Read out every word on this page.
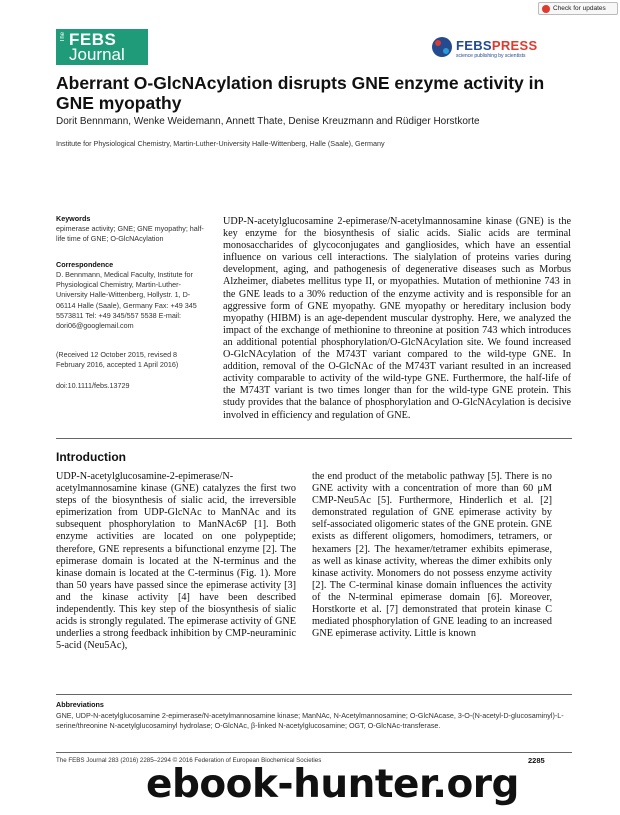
Check for updates
The FEBS
Journal	FEBSPRESS
science publishing by scientists
Aberrant O-GlcNAcylation disrupts GNE enzyme activity in GNE myopathy
Dorit Bennmann, Wenke Weidemann, Annett Thate, Denise Kreuzmann and Rüdiger Horstkorte
Institute for Physiological Chemistry, Martin-Luther-University Halle-Wittenberg, Halle (Saale), Germany
Keywords
epimerase activity; GNE; GNE myopathy; half-life time of GNE; O-GlcNAcylation
Correspondence
D. Bennmann, Medical Faculty, Institute for Physiological Chemistry, Martin-Luther-University Halle-Wittenberg, Hollystr. 1, D-06114 Halle (Saale), Germany Fax: +49 345 5573811 Tel: +49 345/557 5538 E-mail: dori06@googlemail.com
(Received 12 October 2015, revised 8 February 2016, accepted 1 April 2016)
doi:10.1111/febs.13729
UDP-N-acetylglucosamine 2-epimerase/N-acetylmannosamine kinase (GNE) is the key enzyme for the biosynthesis of sialic acids. Sialic acids are terminal monosaccharides of glycoconjugates and gangliosides, which have an essential influence on various cell interactions. The sialylation of proteins varies during development, aging, and pathogenesis of degenerative diseases such as Morbus Alzheimer, diabetes mellitus type II, or myopathies. Mutation of methionine 743 in the GNE leads to a 30% reduction of the enzyme activity and is responsible for an aggressive form of GNE myopathy. GNE myopathy or hereditary inclusion body myopathy (HIBM) is an age-dependent muscular dystrophy. Here, we analyzed the impact of the exchange of methionine to threonine at position 743 which introduces an additional potential phosphorylation/O-GlcNAcylation site. We found increased O-GlcNAcylation of the M743T variant compared to the wild-type GNE. In addition, removal of the O-GlcNAc of the M743T variant resulted in an increased activity comparable to activity of the wild-type GNE. Furthermore, the half-life of the M743T variant is two times longer than for the wild-type GNE protein. This study provides that the balance of phosphorylation and O-GlcNAcylation is decisive involved in efficiency and regulation of GNE.
Introduction
UDP-N-acetylglucosamine-2-epimerase/N-acetylmannosamine kinase (GNE) catalyzes the first two steps of the biosynthesis of sialic acid, the irreversible epimerization from UDP-GlcNAc to ManNAc and its subsequent phosphorylation to ManNAc6P [1]. Both enzyme activities are located on one polypeptide; therefore, GNE represents a bifunctional enzyme [2]. The epimerase domain is located at the N-terminus and the kinase domain is located at the C-terminus (Fig. 1). More than 50 years have passed since the epimerase activity [3] and the kinase activity [4] have been described independently. This key step of the biosynthesis of sialic acids is strongly regulated. The epimerase activity of GNE underlies a strong feedback inhibition by CMP-neuraminic 5-acid (Neu5Ac),
the end product of the metabolic pathway [5]. There is no GNE activity with a concentration of more than 60 μM CMP-Neu5Ac [5]. Furthermore, Hinderlich et al. [2] demonstrated regulation of GNE epimerase activity by self-associated oligomeric states of the GNE protein. GNE exists as different oligomers, homodimers, tetramers, or hexamers [2]. The hexamer/tetramer exhibits epimerase, as well as kinase activity, whereas the dimer exhibits only kinase activity. Monomers do not possess enzyme activity [2]. The C-terminal kinase domain influences the activity of the N-terminal epimerase domain [6]. Moreover, Horstkorte et al. [7] demonstrated that protein kinase C mediated phosphorylation of GNE leading to an increased GNE epimerase activity. Little is known
Abbreviations
GNE, UDP-N-acetylglucosamine 2-epimerase/N-acetylmannosamine kinase; ManNAc, N-Acetylmannosamine; O-GlcNAcase, 3-O-(N-acetyl-D-glucosaminyl)-L-serine/threonine N-acetylglucosaminyl hydrolase; O-GlcNAc, β-linked N-acetylglucosamine; OGT, O-GlcNAc-transferase.
The FEBS Journal 283 (2016) 2285–2294 © 2016 Federation of European Biochemical Societies	2285
ebook-hunter.org
